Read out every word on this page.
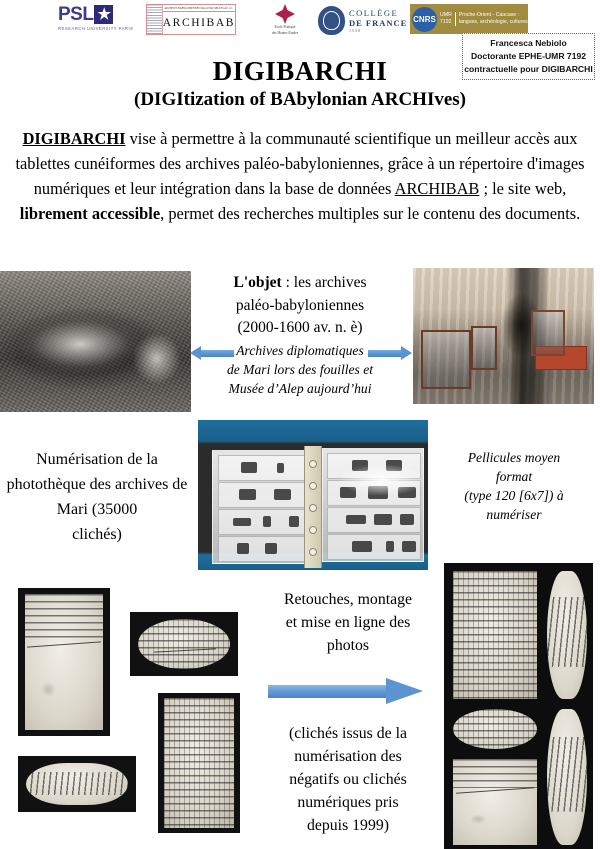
PSL ★
RESEARCH UNIVERSITY PARIS
ARCHIVES BABYLONIENNES XXe-XVIIe SIECLES AV. J.-C.
ARCHIBAB	Ecole Pratique
des Hautes Etudes
COLLÈGE
DE FRANCE
1530
CNRS UMR
7192
Proche-Orient - Caucase :
langues, archéologie, cultures
Francesca Nebiolo
Doctorante EPHE-UMR 7192
contractuelle pour DIGIBARCHI
DIGIBARCHI
(DIGItization of BAbylonian ARCHIves)
DIGIBARCHI vise à permettre à la communauté scientifique un meilleur accès aux tablettes cunéiformes des archives paléo-babyloniennes, grâce à un répertoire d'images numériques et leur intégration dans la base de données ARCHIBAB ; le site web, librement accessible, permet des recherches multiples sur le contenu des documents.
L'objet : les archives
paléo-babyloniennes
(2000-1600 av. n. è)
Archives diplomatiques
de Mari lors des fouilles et
Musée d’Alep aujourd’hui
Numérisation de la
photothèque des archives de
Mari (35000
clichés)
Pellicules moyen
format
(type 120 [6x7]) à
numériser
Retouches, montage
et mise en ligne des
photos
(clichés issus de la
numérisation des
négatifs ou clichés
numériques pris
depuis 1999)
